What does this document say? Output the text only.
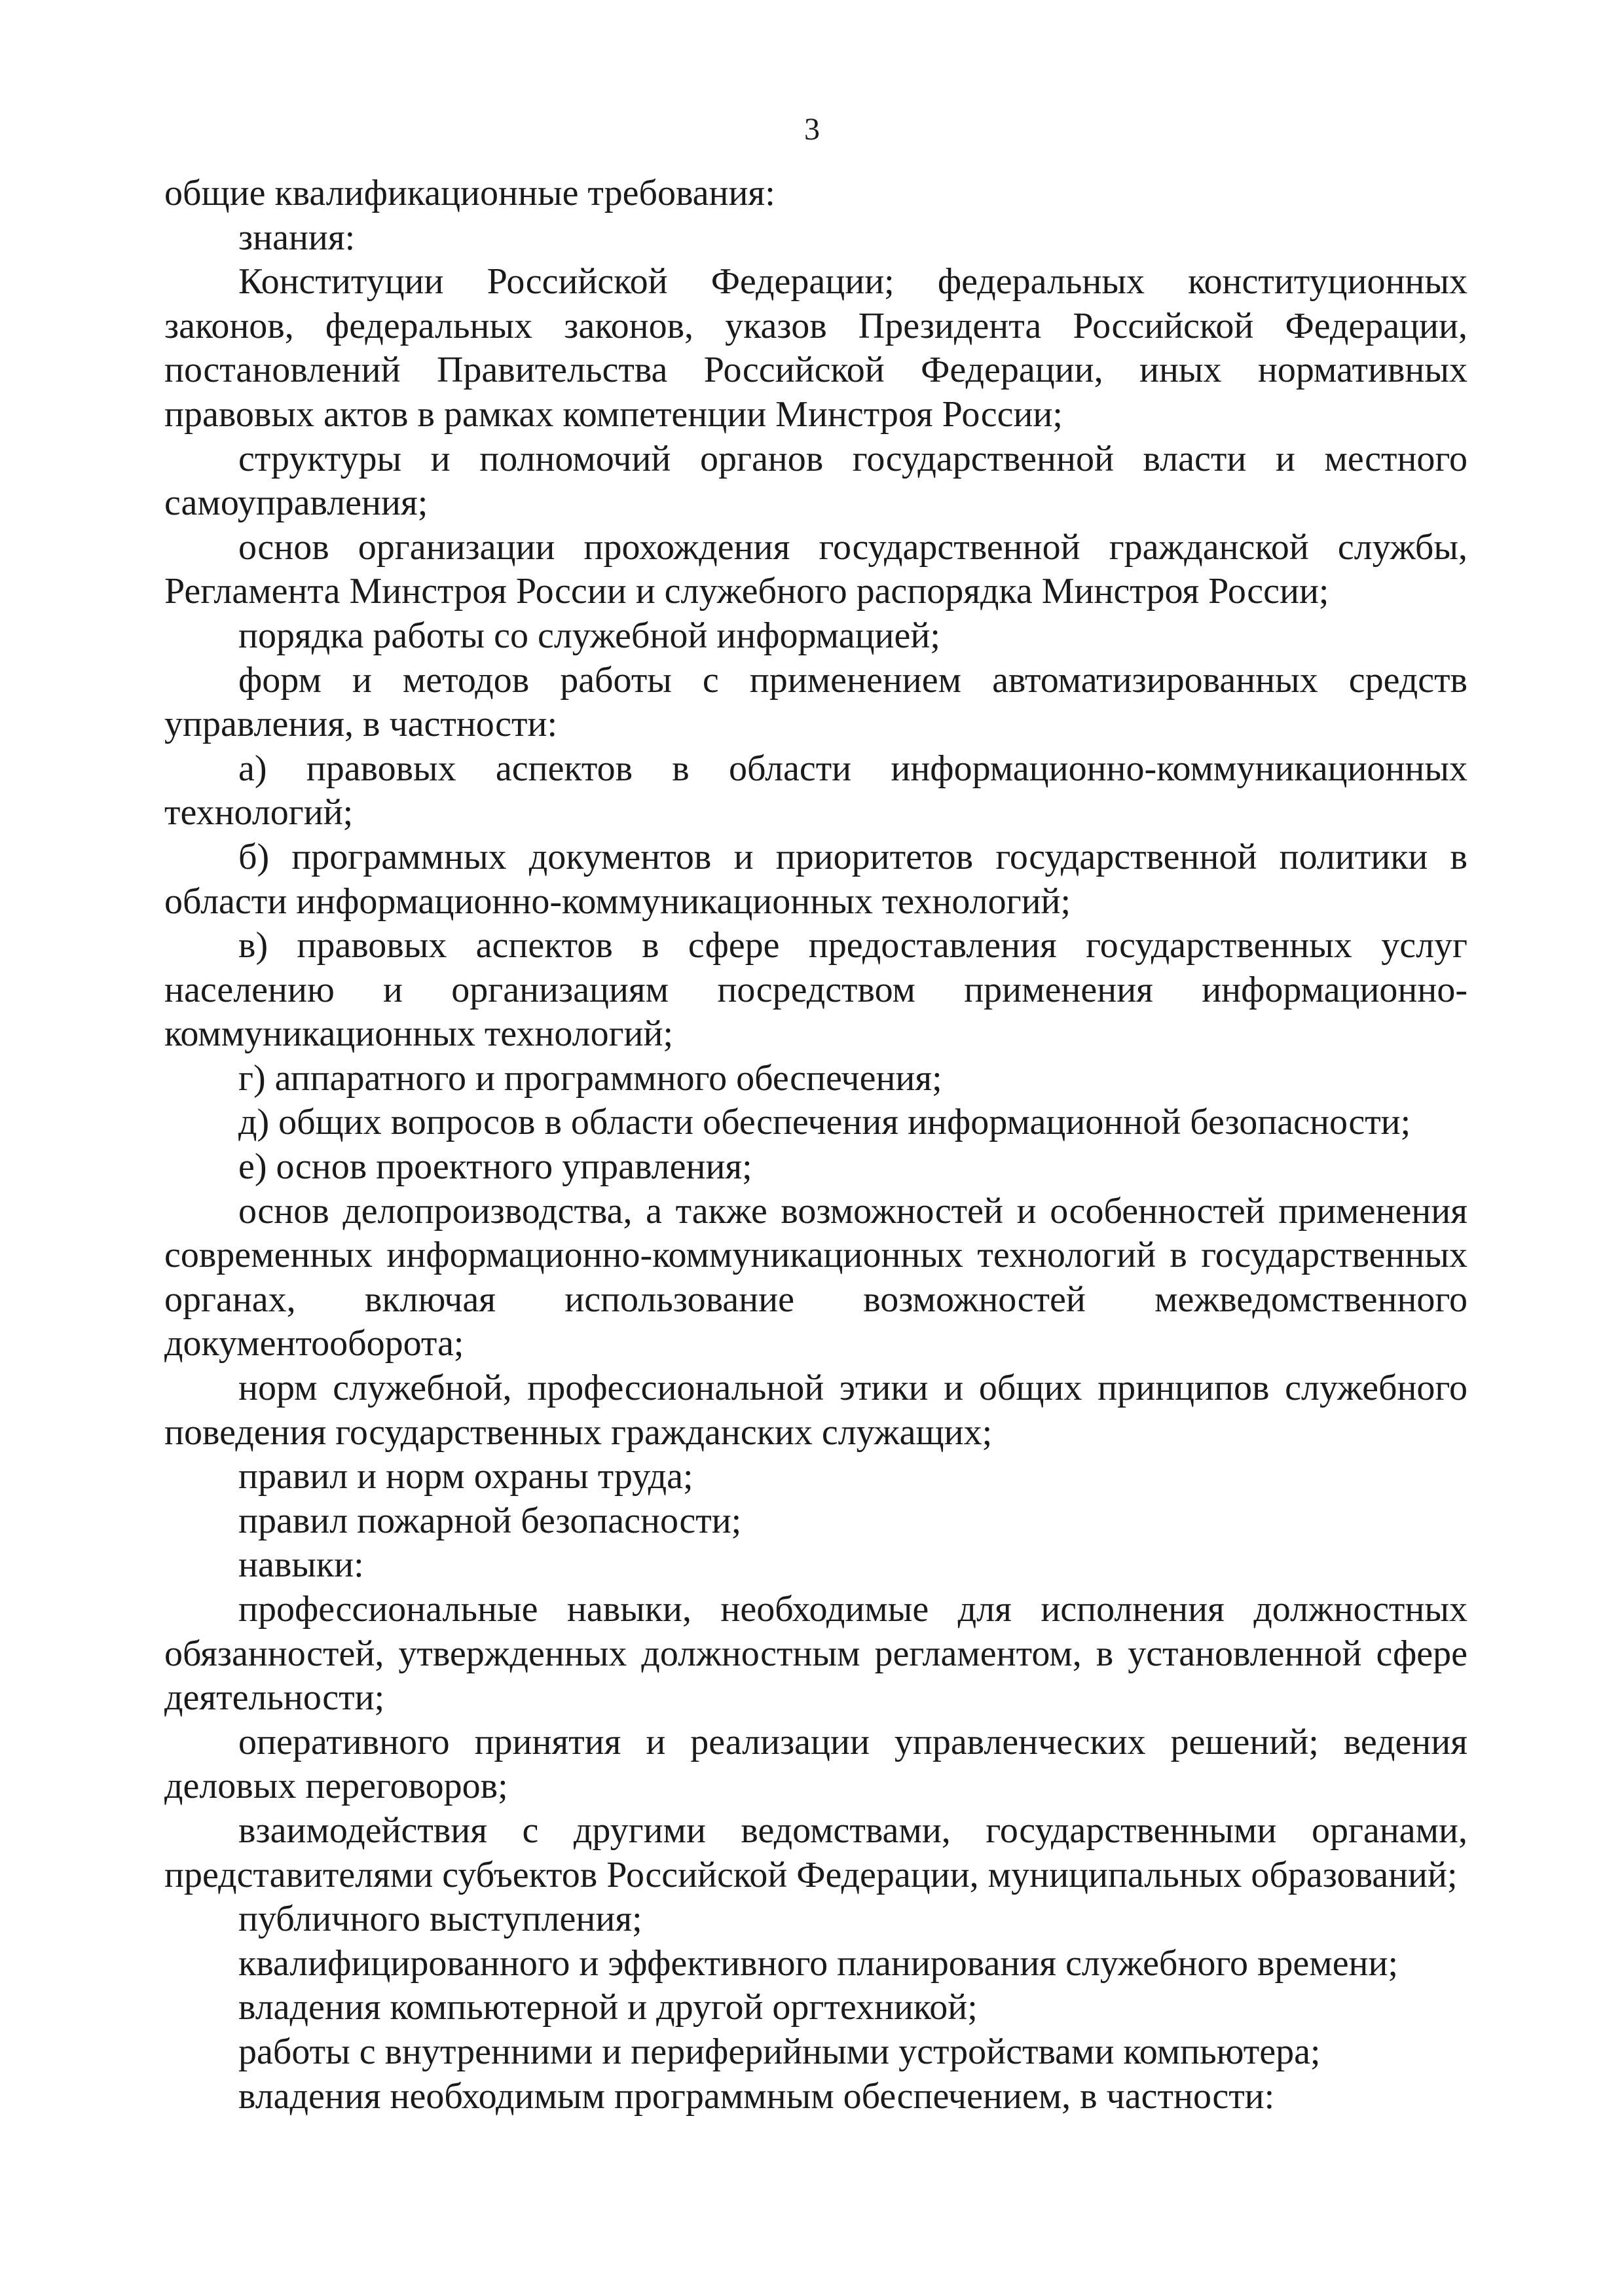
3

общие квалификационные требования:

знания:

Конституции Российской Федерации; федеральных конституционных законов, федеральных законов, указов Президента Российской Федерации, постановлений Правительства Российской Федерации, иных нормативных правовых актов в рамках компетенции Минстроя России;

структуры и полномочий органов государственной власти и местного самоуправления;

основ организации прохождения государственной гражданской службы, Регламента Минстроя России и служебного распорядка Минстроя России;

порядка работы со служебной информацией;

форм и методов работы с применением автоматизированных средств управления, в частности:

а) правовых аспектов в области информационно-коммуникационных технологий;

б) программных документов и приоритетов государственной политики в области информационно-коммуникационных технологий;

в) правовых аспектов в сфере предоставления государственных услуг населению и организациям посредством применения информационно-коммуникационных технологий;

г) аппаратного и программного обеспечения;

д) общих вопросов в области обеспечения информационной безопасности;

е) основ проектного управления;

основ делопроизводства, а также возможностей и особенностей применения современных информационно-коммуникационных технологий в государственных органах, включая использование возможностей межведомственного документооборота;

норм служебной, профессиональной этики и общих принципов служебного поведения государственных гражданских служащих;

правил и норм охраны труда;

правил пожарной безопасности;

навыки:

профессиональные навыки, необходимые для исполнения должностных обязанностей, утвержденных должностным регламентом, в установленной сфере деятельности;

оперативного принятия и реализации управленческих решений; ведения деловых переговоров;

взаимодействия с другими ведомствами, государственными органами, представителями субъектов Российской Федерации, муниципальных образований;

публичного выступления;

квалифицированного и эффективного планирования служебного времени;

владения компьютерной и другой оргтехникой;

работы с внутренними и периферийными устройствами компьютера;

владения необходимым программным обеспечением, в частности:
